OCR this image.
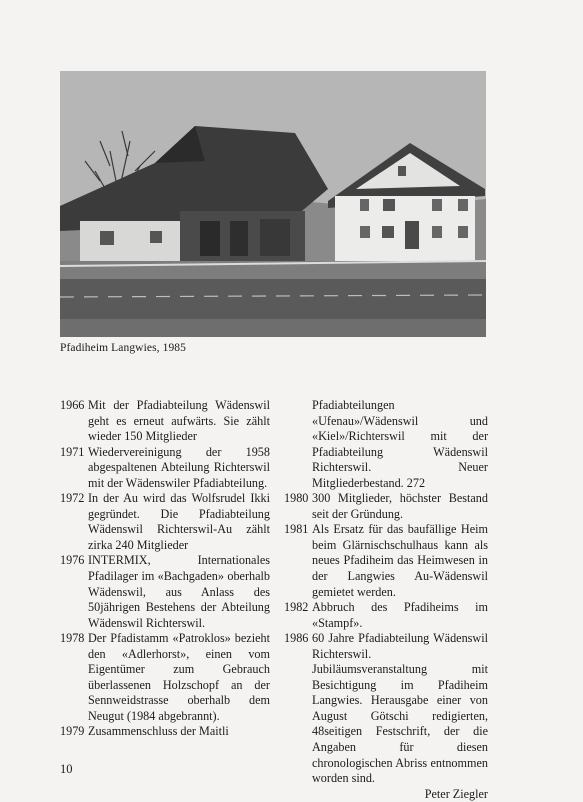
Pfadiheim Langwies, 1985
1966 Mit der Pfadiabteilung Wädenswil geht es erneut aufwärts. Sie zählt wieder 150 Mitglieder
1971 Wiedervereinigung der 1958 abgespaltenen Abteilung Richterswil mit der Wädenswiler Pfadiabteilung.
1972 In der Au wird das Wolfsrudel Ikki gegründet. Die Pfadiabteilung Wädenswil Richterswil-Au zählt zirka 240 Mitglieder
1976 INTERMIX, Internationales Pfadilager im «Bachgaden» oberhalb Wädenswil, aus Anlass des 50jährigen Bestehens der Abteilung Wädenswil Richterswil.
1978 Der Pfadistamm «Patroklos» bezieht den «Adlerhorst», einen vom Eigentümer zum Gebrauch überlassenen Holzschopf an der Sennweidstrasse oberhalb dem Neugut (1984 abgebrannt).
1979 Zusammenschluss der Maitli
Pfadiabteilungen «Ufenau»/Wädenswil und «Kiel»/Richterswil mit der Pfadiabteilung Wädenswil Richterswil. Neuer Mitgliederbestand. 272
1980 300 Mitglieder, höchster Bestand seit der Gründung.
1981 Als Ersatz für das baufällige Heim beim Glärnischschulhaus kann als neues Pfadiheim das Heimwesen in der Langwies Au-Wädenswil gemietet werden.
1982 Abbruch des Pfadiheims im «Stampf».
1986 60 Jahre Pfadiabteilung Wädenswil Richterswil. Jubiläumsveranstaltung mit Besichtigung im Pfadiheim Langwies. Herausgabe einer von August Götschi redigierten, 48seitigen Festschrift, der die Angaben für diesen chronologischen Abriss entnommen worden sind.
Peter Ziegler
10
